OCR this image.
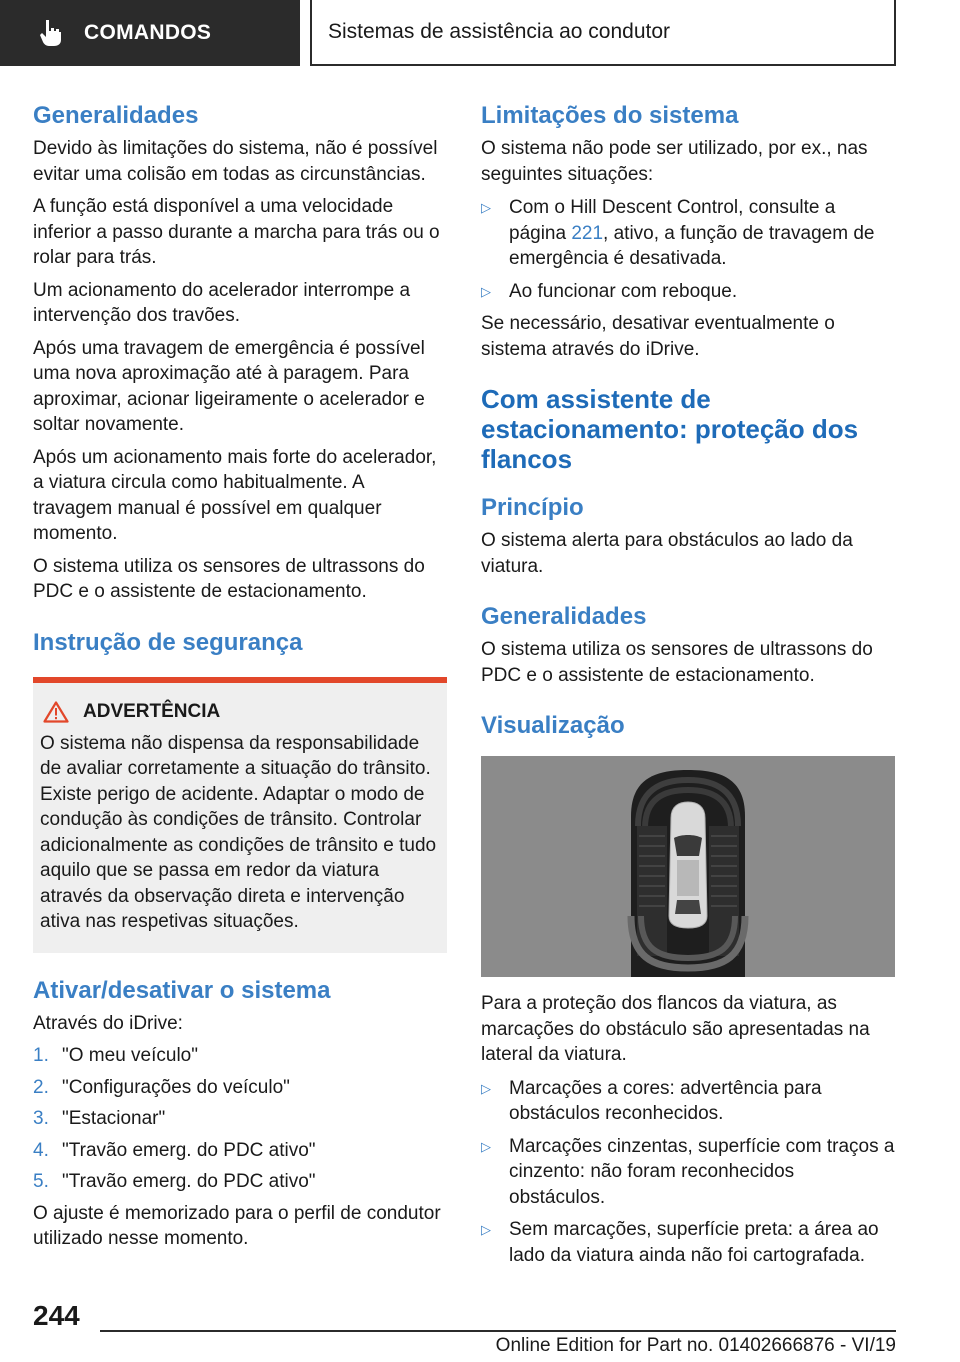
COMANDOS	Sistemas de assistência ao condutor
Generalidades

Devido às limitações do sistema, não é possível evitar uma colisão em todas as circunstâncias.

A função está disponível a uma velocidade inferior a passo durante a marcha para trás ou o rolar para trás.

Um acionamento do acelerador interrompe a intervenção dos travões.

Após uma travagem de emergência é possível uma nova aproximação até à paragem. Para aproximar, acionar ligeiramente o acelerador e soltar novamente.

Após um acionamento mais forte do acelerador, a viatura circula como habitualmente. A travagem manual é possível em qualquer momento.

O sistema utiliza os sensores de ultrassons do PDC e o assistente de estacionamento.

Instrução de segurança
ADVERTÊNCIA

O sistema não dispensa da responsabilidade de avaliar corretamente a situação do trânsito. Existe perigo de acidente. Adaptar o modo de condução às condições de trânsito. Controlar adicionalmente as condições de trânsito e tudo aquilo que se passa em redor da viatura através da observação direta e intervenção ativa nas respetivas situações.

Ativar/desativar o sistema

Através do iDrive:

1. "O meu veículo"
2. "Configurações do veículo"
3. "Estacionar"
4. "Travão emerg. do PDC ativo"
5. "Travão emerg. do PDC ativo"

O ajuste é memorizado para o perfil de condutor utilizado nesse momento.

Limitações do sistema

O sistema não pode ser utilizado, por ex., nas seguintes situações:

▷ Com o Hill Descent Control, consulte a página 221, ativo, a função de travagem de emergência é desativada.
▷ Ao funcionar com reboque.

Se necessário, desativar eventualmente o sistema através do iDrive.

Com assistente de estacionamento: proteção dos flancos
Princípio

O sistema alerta para obstáculos ao lado da viatura.

Generalidades

O sistema utiliza os sensores de ultrassons do PDC e o assistente de estacionamento.

Visualização

Para a proteção dos flancos da viatura, as marcações do obstáculo são apresentadas na lateral da viatura.

▷ Marcações a cores: advertência para obstáculos reconhecidos.
▷ Marcações cinzentas, superfície com traços a cinzento: não foram reconhecidos obstáculos.
▷ Sem marcações, superfície preta: a área ao lado da viatura ainda não foi cartografada.
244
Online Edition for Part no. 01402666876 - VI/19
